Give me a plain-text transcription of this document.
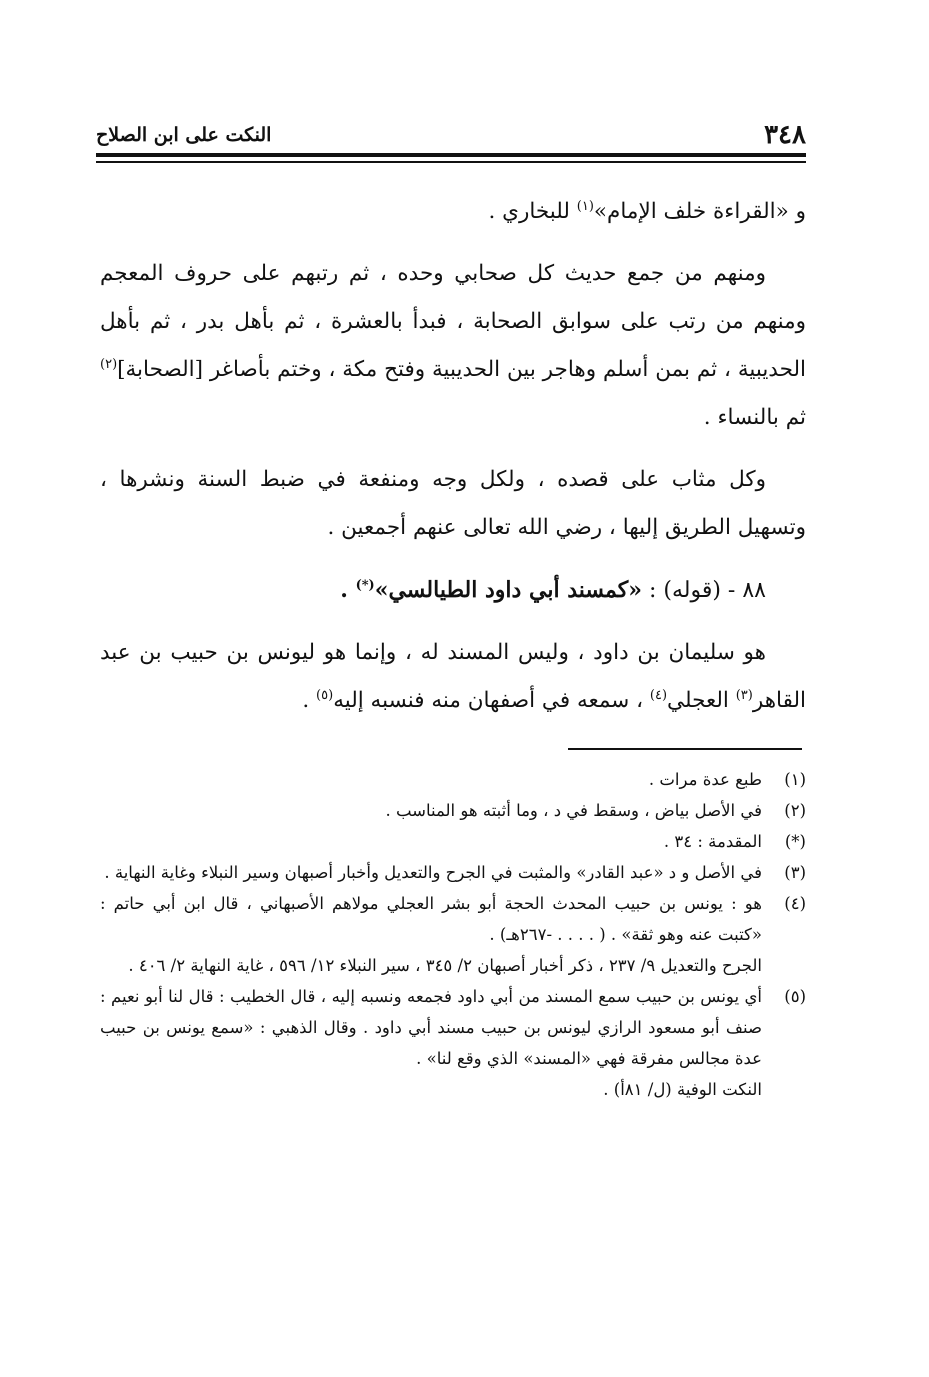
٣٤٨
النكت على ابن الصلاح

و «القراءة خلف الإمام»$^{(١)}$ للبخاري .

ومنهم من جمع حديث كل صحابي وحده ، ثم رتبهم على حروف المعجم ومنهم من رتب على سوابق الصحابة ، فبدأ بالعشرة ، ثم بأهل بدر ، ثم بأهل الحديبية ، ثم بمن أسلم وهاجر بين الحديبية وفتح مكة ، وختم بأصاغر [الصحابة]$^{(٢)}$ ثم بالنساء .

وكل مثاب على قصده ، ولكل وجه ومنفعة في ضبط السنة ونشرها ، وتسهيل الطريق إليها ، رضي الله تعالى عنهم أجمعين .

٨٨ - (قوله) : «كمسند أبي داود الطيالسي»(*) .

هو سليمان بن داود ، وليس المسند له ، وإنما هو ليونس بن حبيب بن عبد القاهر$^{(٣)}$ العجلي$^{(٤)}$ ، سمعه في أصفهان منه فنسبه إليه$^{(٥)}$ .

(١)
طبع عدة مرات .
(٢)
في الأصل بياض ، وسقط في د ، وما أثبته هو المناسب .
(*)
المقدمة : ٣٤ .
(٣)
في الأصل و د «عبد القادر» والمثبت في الجرح والتعديل وأخبار أصبهان وسير النبلاء وغاية النهاية .
(٤)
هو : يونس بن حبيب المحدث الحجة أبو بشر العجلي مولاهم الأصبهاني ، قال ابن أبي حاتم : «كتبت عنه وهو ثقة» . ( . . . . -٢٦٧هـ) .
الجرح والتعديل ٩/ ٢٣٧ ، ذكر أخبار أصبهان ٢/ ٣٤٥ ، سير النبلاء ١٢/ ٥٩٦ ، غاية النهاية ٢/ ٤٠٦ .
(٥)
أي يونس بن حبيب سمع المسند من أبي داود فجمعه ونسبه إليه ، قال الخطيب : قال لنا أبو نعيم : صنف أبو مسعود الرازي ليونس بن حبيب مسند أبي داود . وقال الذهبي : «سمع يونس بن حبيب عدة مجالس مفرقة فهي «المسند» الذي وقع لنا» .
النكت الوفية (ل/ ٨١أ) .
